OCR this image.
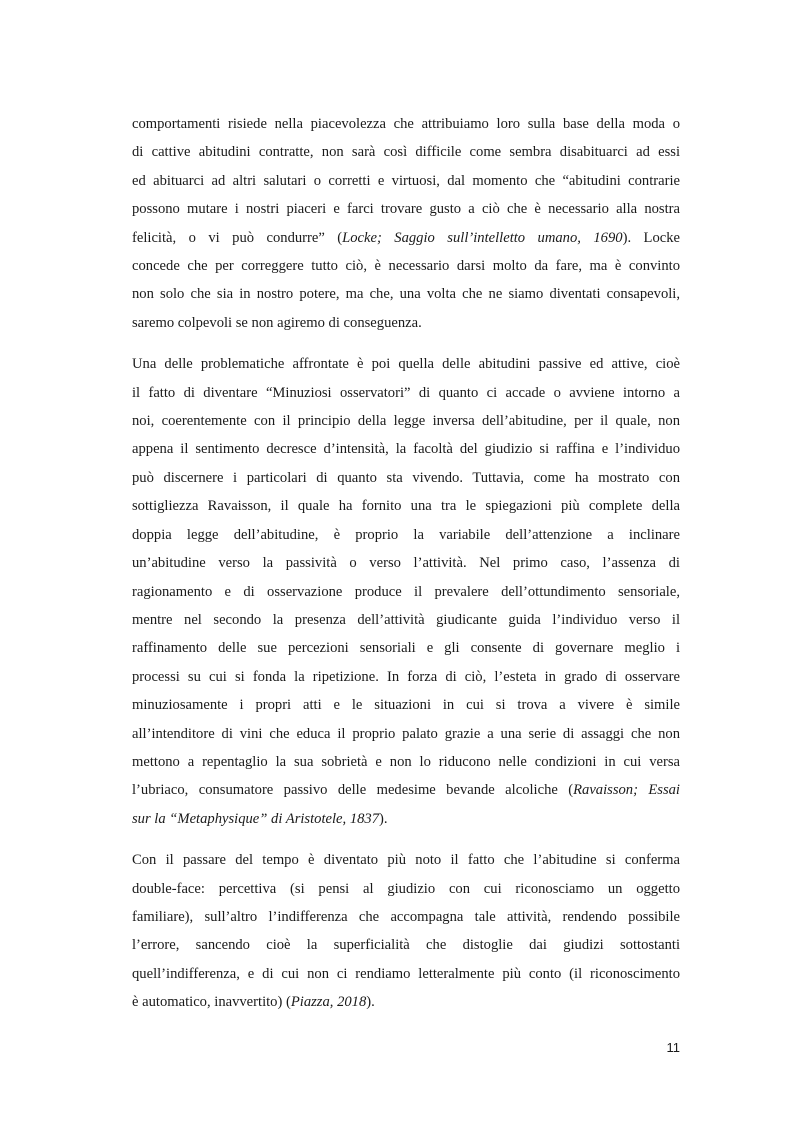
comportamenti risiede nella piacevolezza che attribuiamo loro sulla base della moda o
di cattive abitudini contratte, non sarà così difficile come sembra disabituarci ad essi
ed abituarci ad altri salutari o corretti e virtuosi, dal momento che “abitudini contrarie
possono mutare i nostri piaceri e farci trovare gusto a ciò che è necessario alla nostra
felicità, o vi può condurre” (Locke; Saggio sull’intelletto umano, 1690). Locke
concede che per correggere tutto ciò, è necessario darsi molto da fare, ma è convinto
non solo che sia in nostro potere, ma che, una volta che ne siamo diventati consapevoli,
saremo colpevoli se non agiremo di conseguenza.

Una delle problematiche affrontate è poi quella delle abitudini passive ed attive, cioè
il fatto di diventare “Minuziosi osservatori” di quanto ci accade o avviene intorno a
noi, coerentemente con il principio della legge inversa dell’abitudine, per il quale, non
appena il sentimento decresce d’intensità, la facoltà del giudizio si raffina e l’individuo
può discernere i particolari di quanto sta vivendo. Tuttavia, come ha mostrato con
sottigliezza Ravaisson, il quale ha fornito una tra le spiegazioni più complete della
doppia legge dell’abitudine, è proprio la variabile dell’attenzione a inclinare
un’abitudine verso la passività o verso l’attività. Nel primo caso, l’assenza di
ragionamento e di osservazione produce il prevalere dell’ottundimento sensoriale,
mentre nel secondo la presenza dell’attività giudicante guida l’individuo verso il
raffinamento delle sue percezioni sensoriali e gli consente di governare meglio i
processi su cui si fonda la ripetizione. In forza di ciò, l’esteta in grado di osservare
minuziosamente i propri atti e le situazioni in cui si trova a vivere è simile
all’intenditore di vini che educa il proprio palato grazie a una serie di assaggi che non
mettono a repentaglio la sua sobrietà e non lo riducono nelle condizioni in cui versa
l’ubriaco, consumatore passivo delle medesime bevande alcoliche (Ravaisson; Essai
sur la “Metaphysique” di Aristotele, 1837).

Con il passare del tempo è diventato più noto il fatto che l’abitudine si conferma
double-face: percettiva (si pensi al giudizio con cui riconosciamo un oggetto
familiare), sull’altro l’indifferenza che accompagna tale attività, rendendo possibile
l’errore, sancendo cioè la superficialità che distoglie dai giudizi sottostanti
quell’indifferenza, e di cui non ci rendiamo letteralmente più conto (il riconoscimento
è automatico, inavvertito) (Piazza, 2018).

11
